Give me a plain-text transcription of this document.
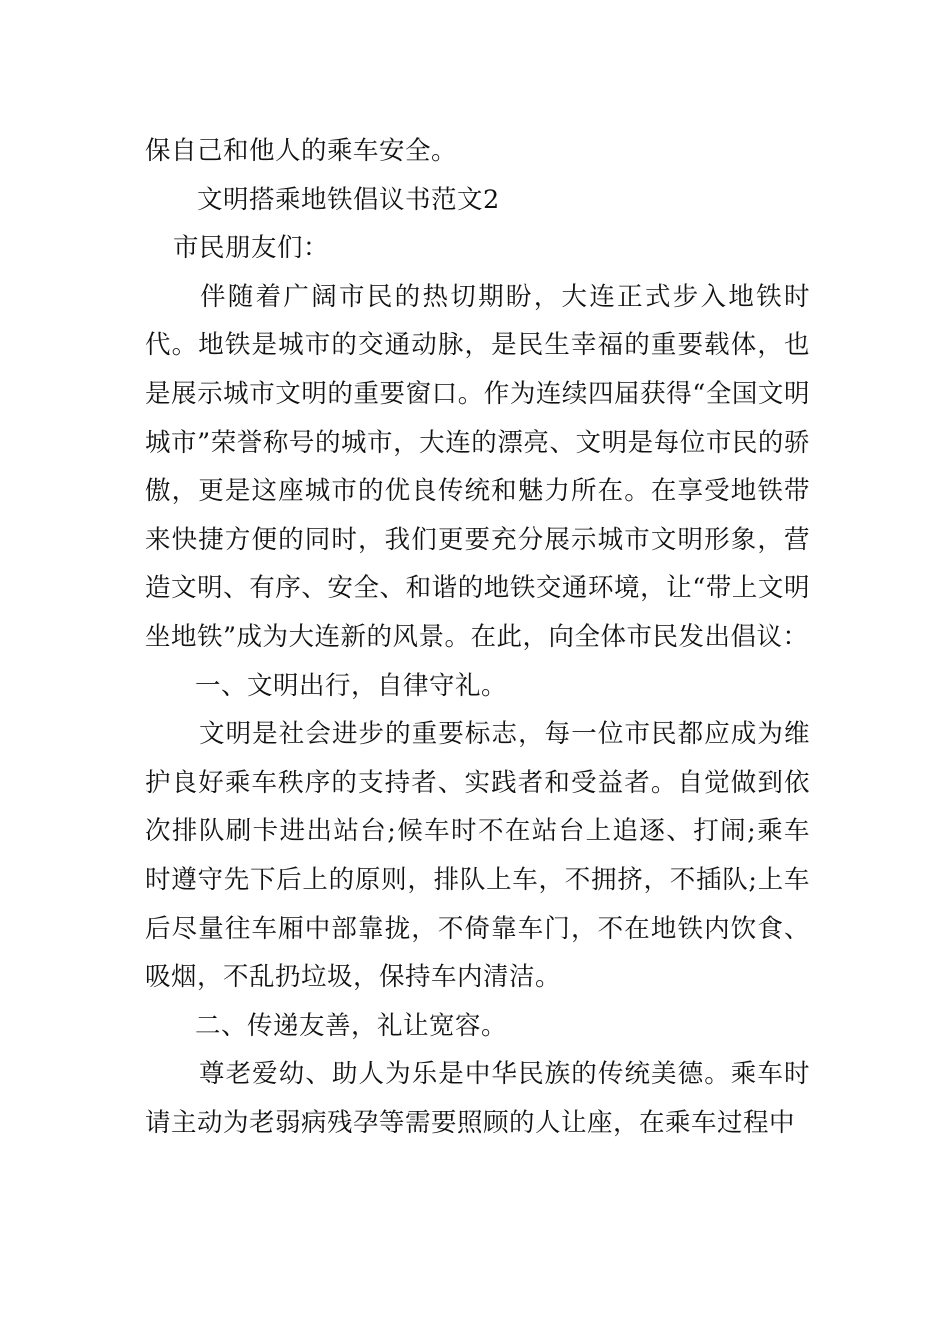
保自己和他人的乘车安全。

文明搭乘地铁倡议书范文2

市民朋友们：

伴随着广阔市民的热切期盼，大连正式步入地铁时代。地铁是城市的交通动脉，是民生幸福的重要载体，也是展示城市文明的重要窗口。作为连续四届获得“全国文明城市”荣誉称号的城市，大连的漂亮、文明是每位市民的骄傲，更是这座城市的优良传统和魅力所在。在享受地铁带来快捷方便的同时，我们更要充分展示城市文明形象，营造文明、有序、安全、和谐的地铁交通环境，让“带上文明坐地铁”成为大连新的风景。在此，向全体市民发出倡议：

一、文明出行，自律守礼。

文明是社会进步的重要标志，每一位市民都应成为维护良好乘车秩序的支持者、实践者和受益者。自觉做到依次排队刷卡进出站台;候车时不在站台上追逐、打闹;乘车时遵守先下后上的原则，排队上车，不拥挤，不插队;上车后尽量往车厢中部靠拢，不倚靠车门，不在地铁内饮食、吸烟，不乱扔垃圾，保持车内清洁。

二、传递友善，礼让宽容。

尊老爱幼、助人为乐是中华民族的传统美德。乘车时请主动为老弱病残孕等需要照顾的人让座，在乘车过程中
